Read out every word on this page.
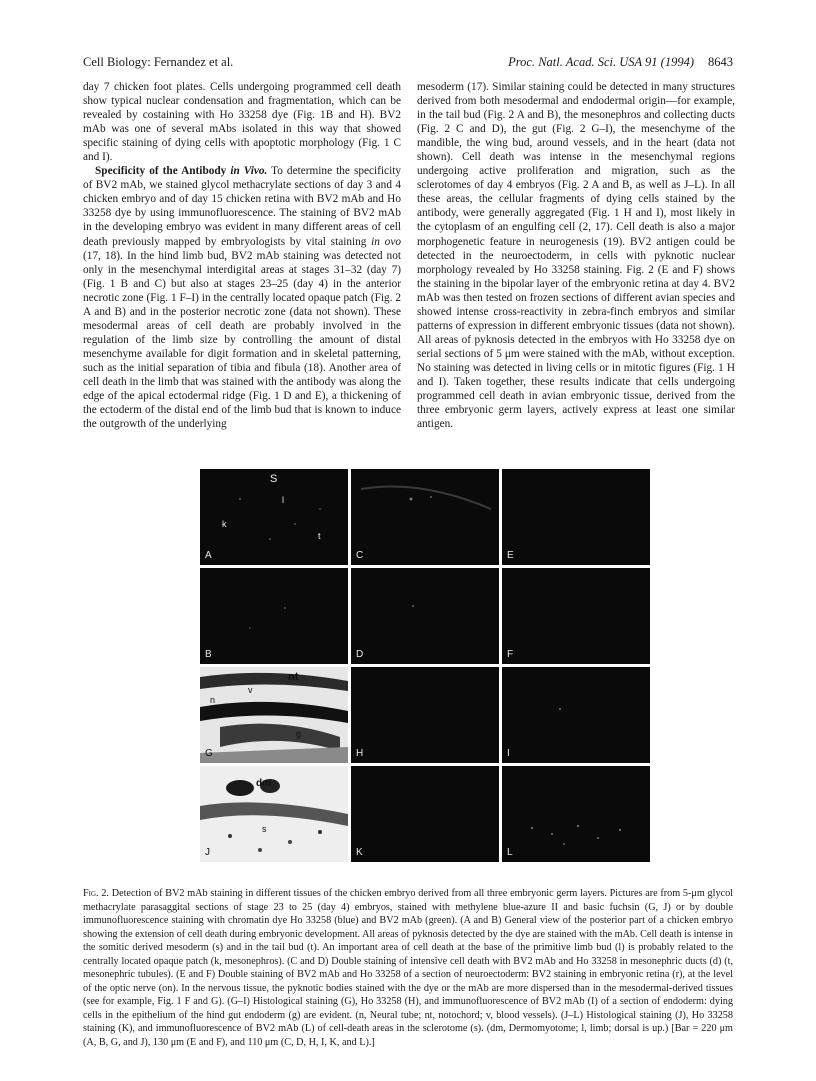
Cell Biology: Fernandez et al.	Proc. Natl. Acad. Sci. USA 91 (1994) 8643

day 7 chicken foot plates. Cells undergoing programmed cell death show typical nuclear condensation and fragmentation, which can be revealed by costaining with Ho 33258 dye (Fig. 1B and H). BV2 mAb was one of several mAbs isolated in this way that showed specific staining of dying cells with apoptotic morphology (Fig. 1 C and I).

Specificity of the Antibody in Vivo. To determine the specificity of BV2 mAb, we stained glycol methacrylate sections of day 3 and 4 chicken embryo and of day 15 chicken retina with BV2 mAb and Ho 33258 dye by using immunofluorescence. The staining of BV2 mAb in the developing embryo was evident in many different areas of cell death previously mapped by embryologists by vital staining in ovo (17, 18). In the hind limb bud, BV2 mAb staining was detected not only in the mesenchymal interdigital areas at stages 31–32 (day 7) (Fig. 1 B and C) but also at stages 23–25 (day 4) in the anterior necrotic zone (Fig. 1 F–I) in the centrally located opaque patch (Fig. 2 A and B) and in the posterior necrotic zone (data not shown). These mesodermal areas of cell death are probably involved in the regulation of the limb size by controlling the amount of distal mesenchyme available for digit formation and in skeletal patterning, such as the initial separation of tibia and fibula (18). Another area of cell death in the limb that was stained with the antibody was along the edge of the apical ectodermal ridge (Fig. 1 D and E), a thickening of the ectoderm of the distal end of the limb bud that is known to induce the outgrowth of the underlying

mesoderm (17). Similar staining could be detected in many structures derived from both mesodermal and endodermal origin—for example, in the tail bud (Fig. 2 A and B), the mesonephros and collecting ducts (Fig. 2 C and D), the gut (Fig. 2 G–I), the mesenchyme of the mandible, the wing bud, around vessels, and in the heart (data not shown). Cell death was intense in the mesenchymal regions undergoing active proliferation and migration, such as the sclerotomes of day 4 embryos (Fig. 2 A and B, as well as J–L). In all these areas, the cellular fragments of dying cells stained by the antibody, were generally aggregated (Fig. 1 H and I), most likely in the cytoplasm of an engulfing cell (2, 17). Cell death is also a major morphogenetic feature in neurogenesis (19). BV2 antigen could be detected in the neuroectoderm, in cells with pyknotic nuclear morphology revealed by Ho 33258 staining. Fig. 2 (E and F) shows the staining in the bipolar layer of the embryonic retina at day 4. BV2 mAb was then tested on frozen sections of different avian species and showed intense cross-reactivity in zebra-finch embryos and similar patterns of expression in different embryonic tissues (data not shown). All areas of pyknosis detected in the embryos with Ho 33258 dye on serial sections of 5 μm were stained with the mAb, without exception. No staining was detected in living cells or in mitotic figures (Fig. 1 H and I). Taken together, these results indicate that cells undergoing programmed cell death in avian embryonic tissue, derived from the three embryonic germ layers, actively express at least one similar antigen.

S
l
k
t
A	C	E
B	D	F
nt
v
g
n
G	H	I
dm
s
J	K	L
Fig. 2. Detection of BV2 mAb staining in different tissues of the chicken embryo derived from all three embryonic germ layers. Pictures are from 5-μm glycol methacrylate parasaggital sections of stage 23 to 25 (day 4) embryos, stained with methylene blue-azure II and basic fuchsin (G, J) or by double immunofluorescence staining with chromatin dye Ho 33258 (blue) and BV2 mAb (green). (A and B) General view of the posterior part of a chicken embryo showing the extension of cell death during embryonic development. All areas of pyknosis detected by the dye are stained with the mAb. Cell death is intense in the somitic derived mesoderm (s) and in the tail bud (t). An important area of cell death at the base of the primitive limb bud (l) is probably related to the centrally located opaque patch (k, mesonephros). (C and D) Double staining of intensive cell death with BV2 mAb and Ho 33258 in mesonephric ducts (d) (t, mesonephric tubules). (E and F) Double staining of BV2 mAb and Ho 33258 of a section of neuroectoderm: BV2 staining in embryonic retina (r), at the level of the optic nerve (on). In the nervous tissue, the pyknotic bodies stained with the dye or the mAb are more dispersed than in the mesodermal-derived tissues (see for example, Fig. 1 F and G). (G–I) Histological staining (G), Ho 33258 (H), and immunofluorescence of BV2 mAb (I) of a section of endoderm: dying cells in the epithelium of the hind gut endoderm (g) are evident. (n, Neural tube; nt, notochord; v, blood vessels). (J–L) Histological staining (J), Ho 33258 staining (K), and immunofluorescence of BV2 mAb (L) of cell-death areas in the sclerotome (s). (dm, Dermomyotome; l, limb; dorsal is up.) [Bar = 220 μm (A, B, G, and J), 130 μm (E and F), and 110 μm (C, D, H, I, K, and L).]
